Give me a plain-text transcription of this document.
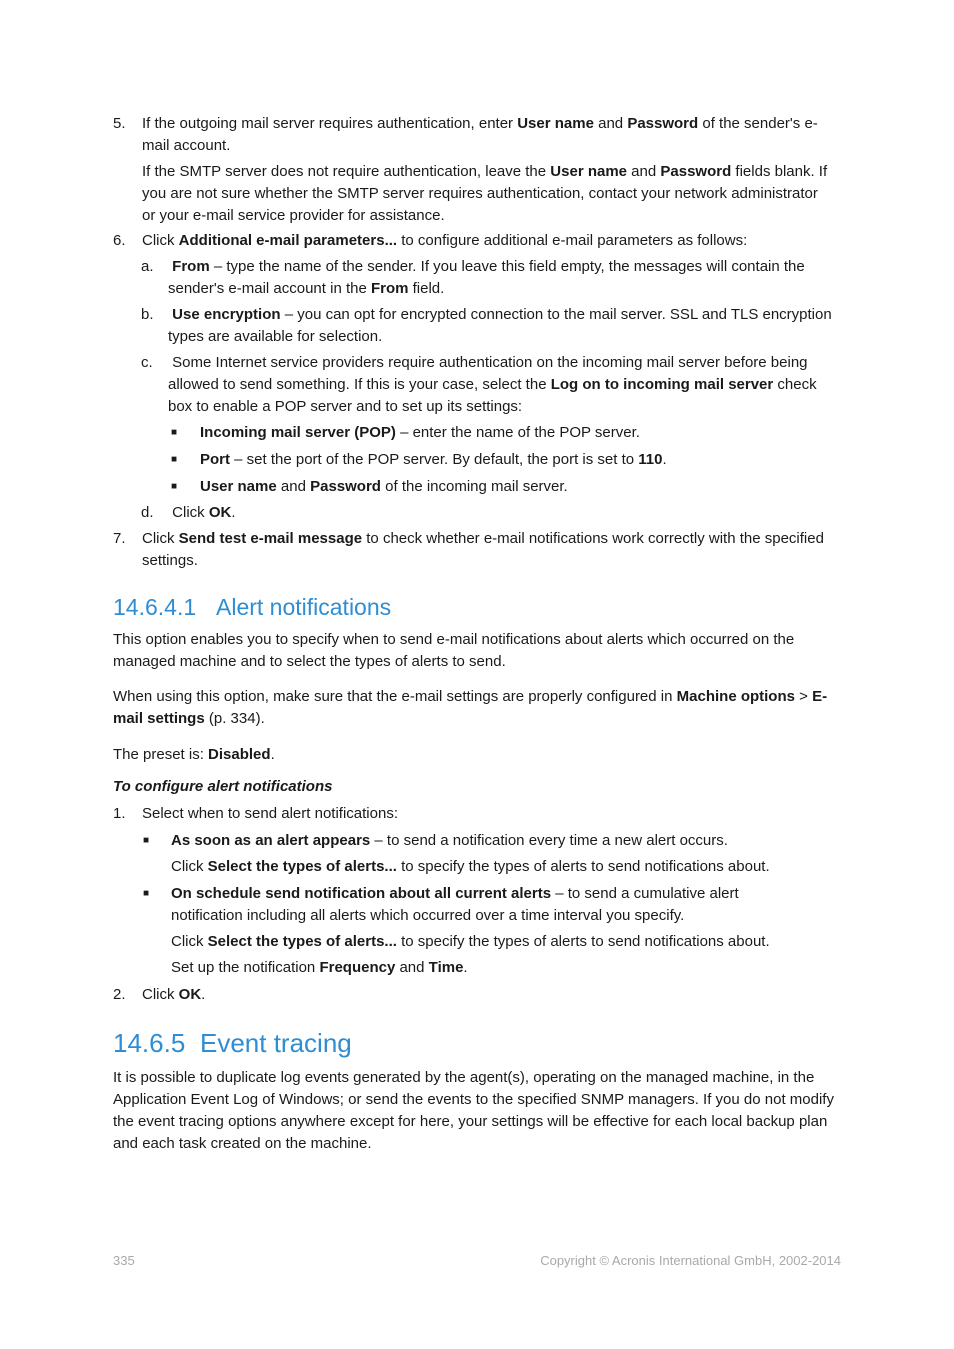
5.	If the outgoing mail server requires authentication, enter User name and Password of the sender's e-mail account.
If the SMTP server does not require authentication, leave the User name and Password fields blank. If you are not sure whether the SMTP server requires authentication, contact your network administrator or your e-mail service provider for assistance.
6.	Click Additional e-mail parameters... to configure additional e-mail parameters as follows:
a.	From – type the name of the sender. If you leave this field empty, the messages will contain the sender's e-mail account in the From field.
b.	Use encryption – you can opt for encrypted connection to the mail server. SSL and TLS encryption types are available for selection.
c.	Some Internet service providers require authentication on the incoming mail server before being allowed to send something. If this is your case, select the Log on to incoming mail server check box to enable a POP server and to set up its settings:
■ Incoming mail server (POP) – enter the name of the POP server.
■ Port – set the port of the POP server. By default, the port is set to 110.
■ User name and Password of the incoming mail server.
d.	Click OK.
7.	Click Send test e-mail message to check whether e-mail notifications work correctly with the specified settings.
14.6.4.1 Alert notifications
This option enables you to specify when to send e-mail notifications about alerts which occurred on the managed machine and to select the types of alerts to send.
When using this option, make sure that the e-mail settings are properly configured in Machine options > E-mail settings (p. 334).
The preset is: Disabled.
To configure alert notifications
1.	Select when to send alert notifications:
■ As soon as an alert appears – to send a notification every time a new alert occurs.
Click Select the types of alerts... to specify the types of alerts to send notifications about.
■ On schedule send notification about all current alerts – to send a cumulative alert notification including all alerts which occurred over a time interval you specify.
Click Select the types of alerts... to specify the types of alerts to send notifications about.
Set up the notification Frequency and Time.
2.	Click OK.
14.6.5 Event tracing
It is possible to duplicate log events generated by the agent(s), operating on the managed machine, in the Application Event Log of Windows; or send the events to the specified SNMP managers. If you do not modify the event tracing options anywhere except for here, your settings will be effective for each local backup plan and each task created on the machine.
335	Copyright © Acronis International GmbH, 2002-2014
